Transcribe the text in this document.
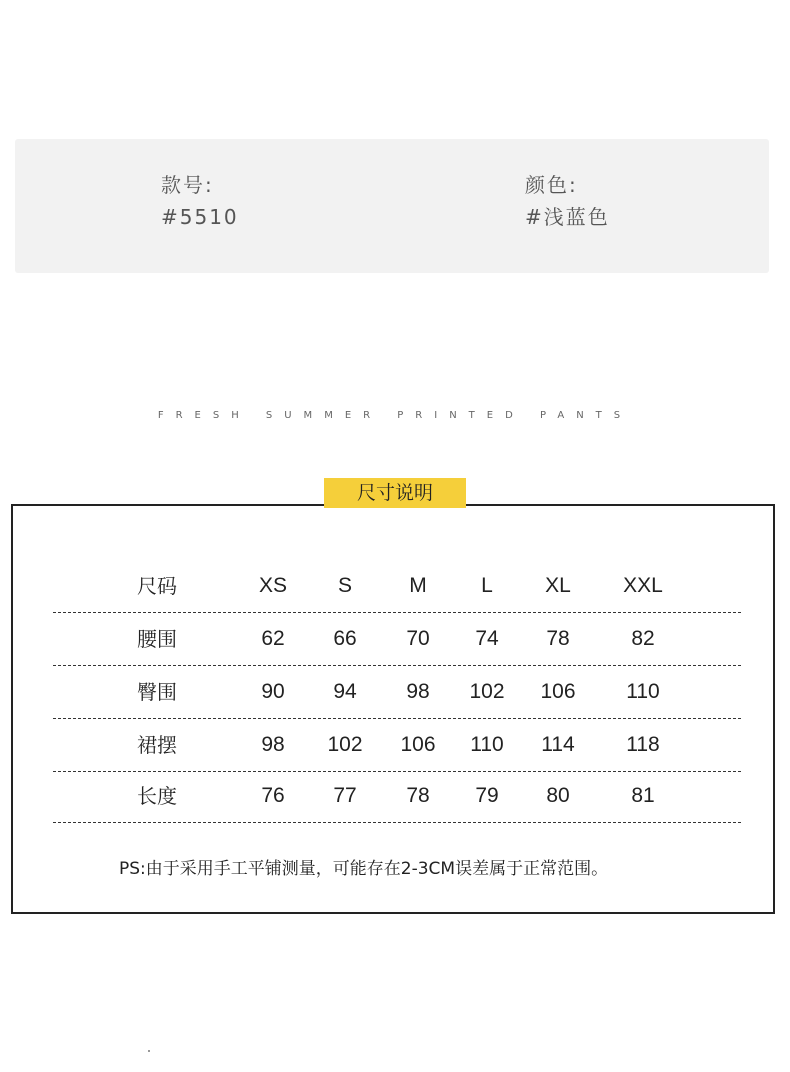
款号:
#5510
颜色:
#浅蓝色
FRESH SUMMER PRINTED PANTS
尺码	XS	S	M	L	XL	XXL
腰围	62	66	70	74	78	82
臀围	90	94	98	102	106	110
裙摆	98	102	106	110	114	118
长度	76	77	78	79	80	81
PS:由于采用手工平铺测量，可能存在2-3CM误差属于正常范围。
尺寸说明
